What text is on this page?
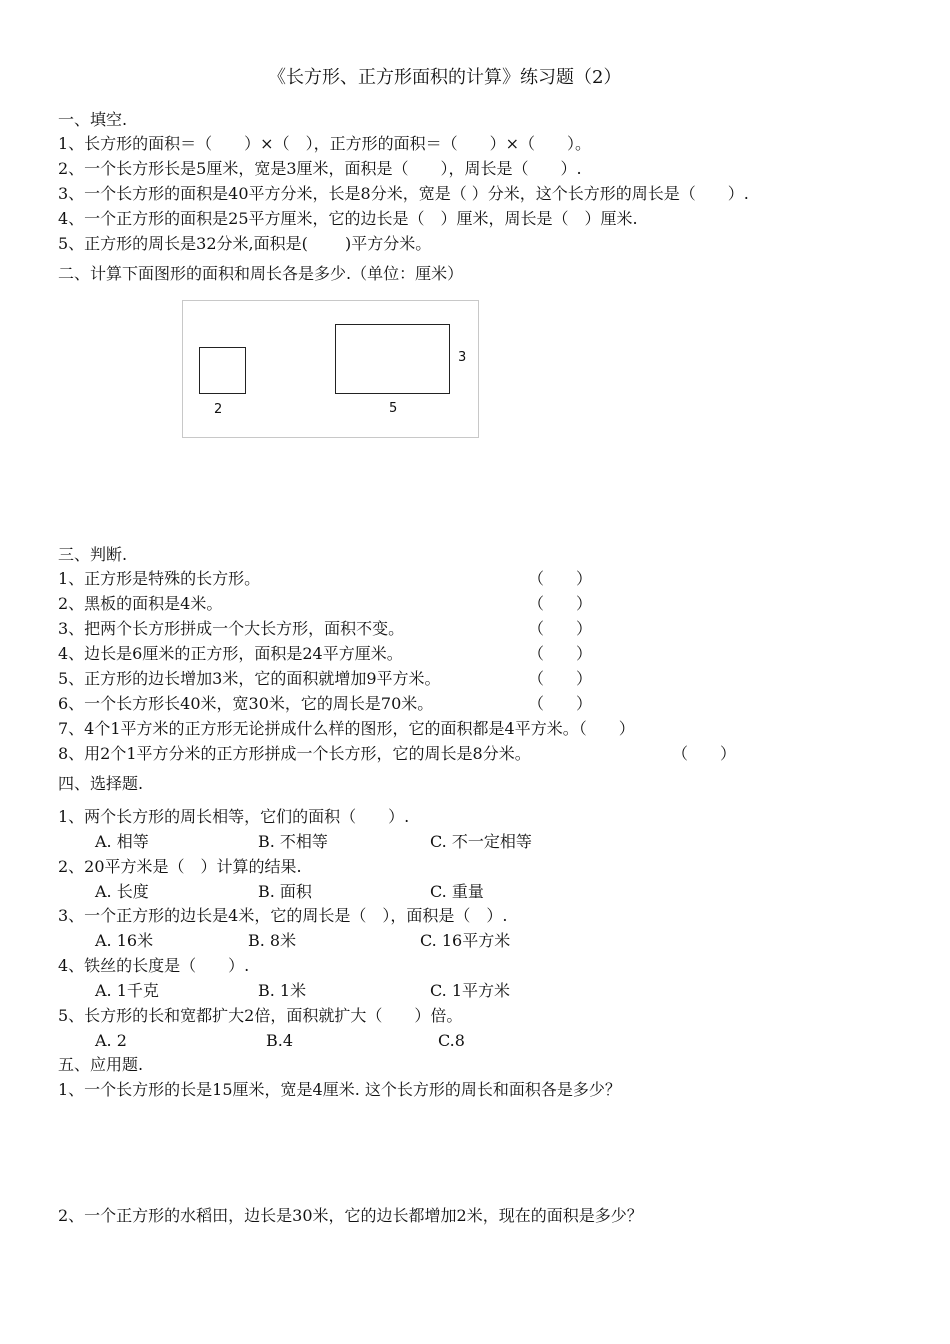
《长方形、正方形面积的计算》练习题（2）
一、填空.
1、长方形的面积＝（　　）×（　），正方形的面积＝（　　）×（　　）。
2、一个长方形长是5厘米，宽是3厘米，面积是（　　），周长是（　　）.
3、一个长方形的面积是40平方分米，长是8分米，宽是（ ）分米，这个长方形的周长是（　　）.
4、一个正方形的面积是25平方厘米，它的边长是（　）厘米，周长是（　）厘米.
5、正方形的周长是32分米,面积是(　　 )平方分米。
二、计算下面图形的面积和周长各是多少.（单位：厘米）
2
3
5
三、判断.
1、正方形是特殊的长方形。	（　　）
2、黑板的面积是4米。	（　　）
3、把两个长方形拼成一个大长方形，面积不变。	（　　）
4、边长是6厘米的正方形，面积是24平方厘米。	（　　）
5、正方形的边长增加3米，它的面积就增加9平方米。	（　　）
6、一个长方形长40米，宽30米，它的周长是70米。	（　　）
7、4个1平方米的正方形无论拼成什么样的图形，它的面积都是4平方米。（　　）
8、用2个1平方分米的正方形拼成一个长方形，它的周长是8分米。	（　　）
四、选择题.
1、两个长方形的周长相等，它们的面积（　　）.
A. 相等	B. 不相等	C. 不一定相等
2、20平方米是（　）计算的结果.
A. 长度	B. 面积	C. 重量
3、一个正方形的边长是4米，它的周长是（　），面积是（　）.
A. 16米	B. 8米	C. 16平方米
4、铁丝的长度是（　　）.
A. 1千克	B. 1米	C. 1平方米
5、长方形的长和宽都扩大2倍，面积就扩大（　　）倍。
A. 2	B.4	C.8
五、应用题.
1、一个长方形的长是15厘米，宽是4厘米. 这个长方形的周长和面积各是多少？
2、一个正方形的水稻田，边长是30米，它的边长都增加2米，现在的面积是多少？
